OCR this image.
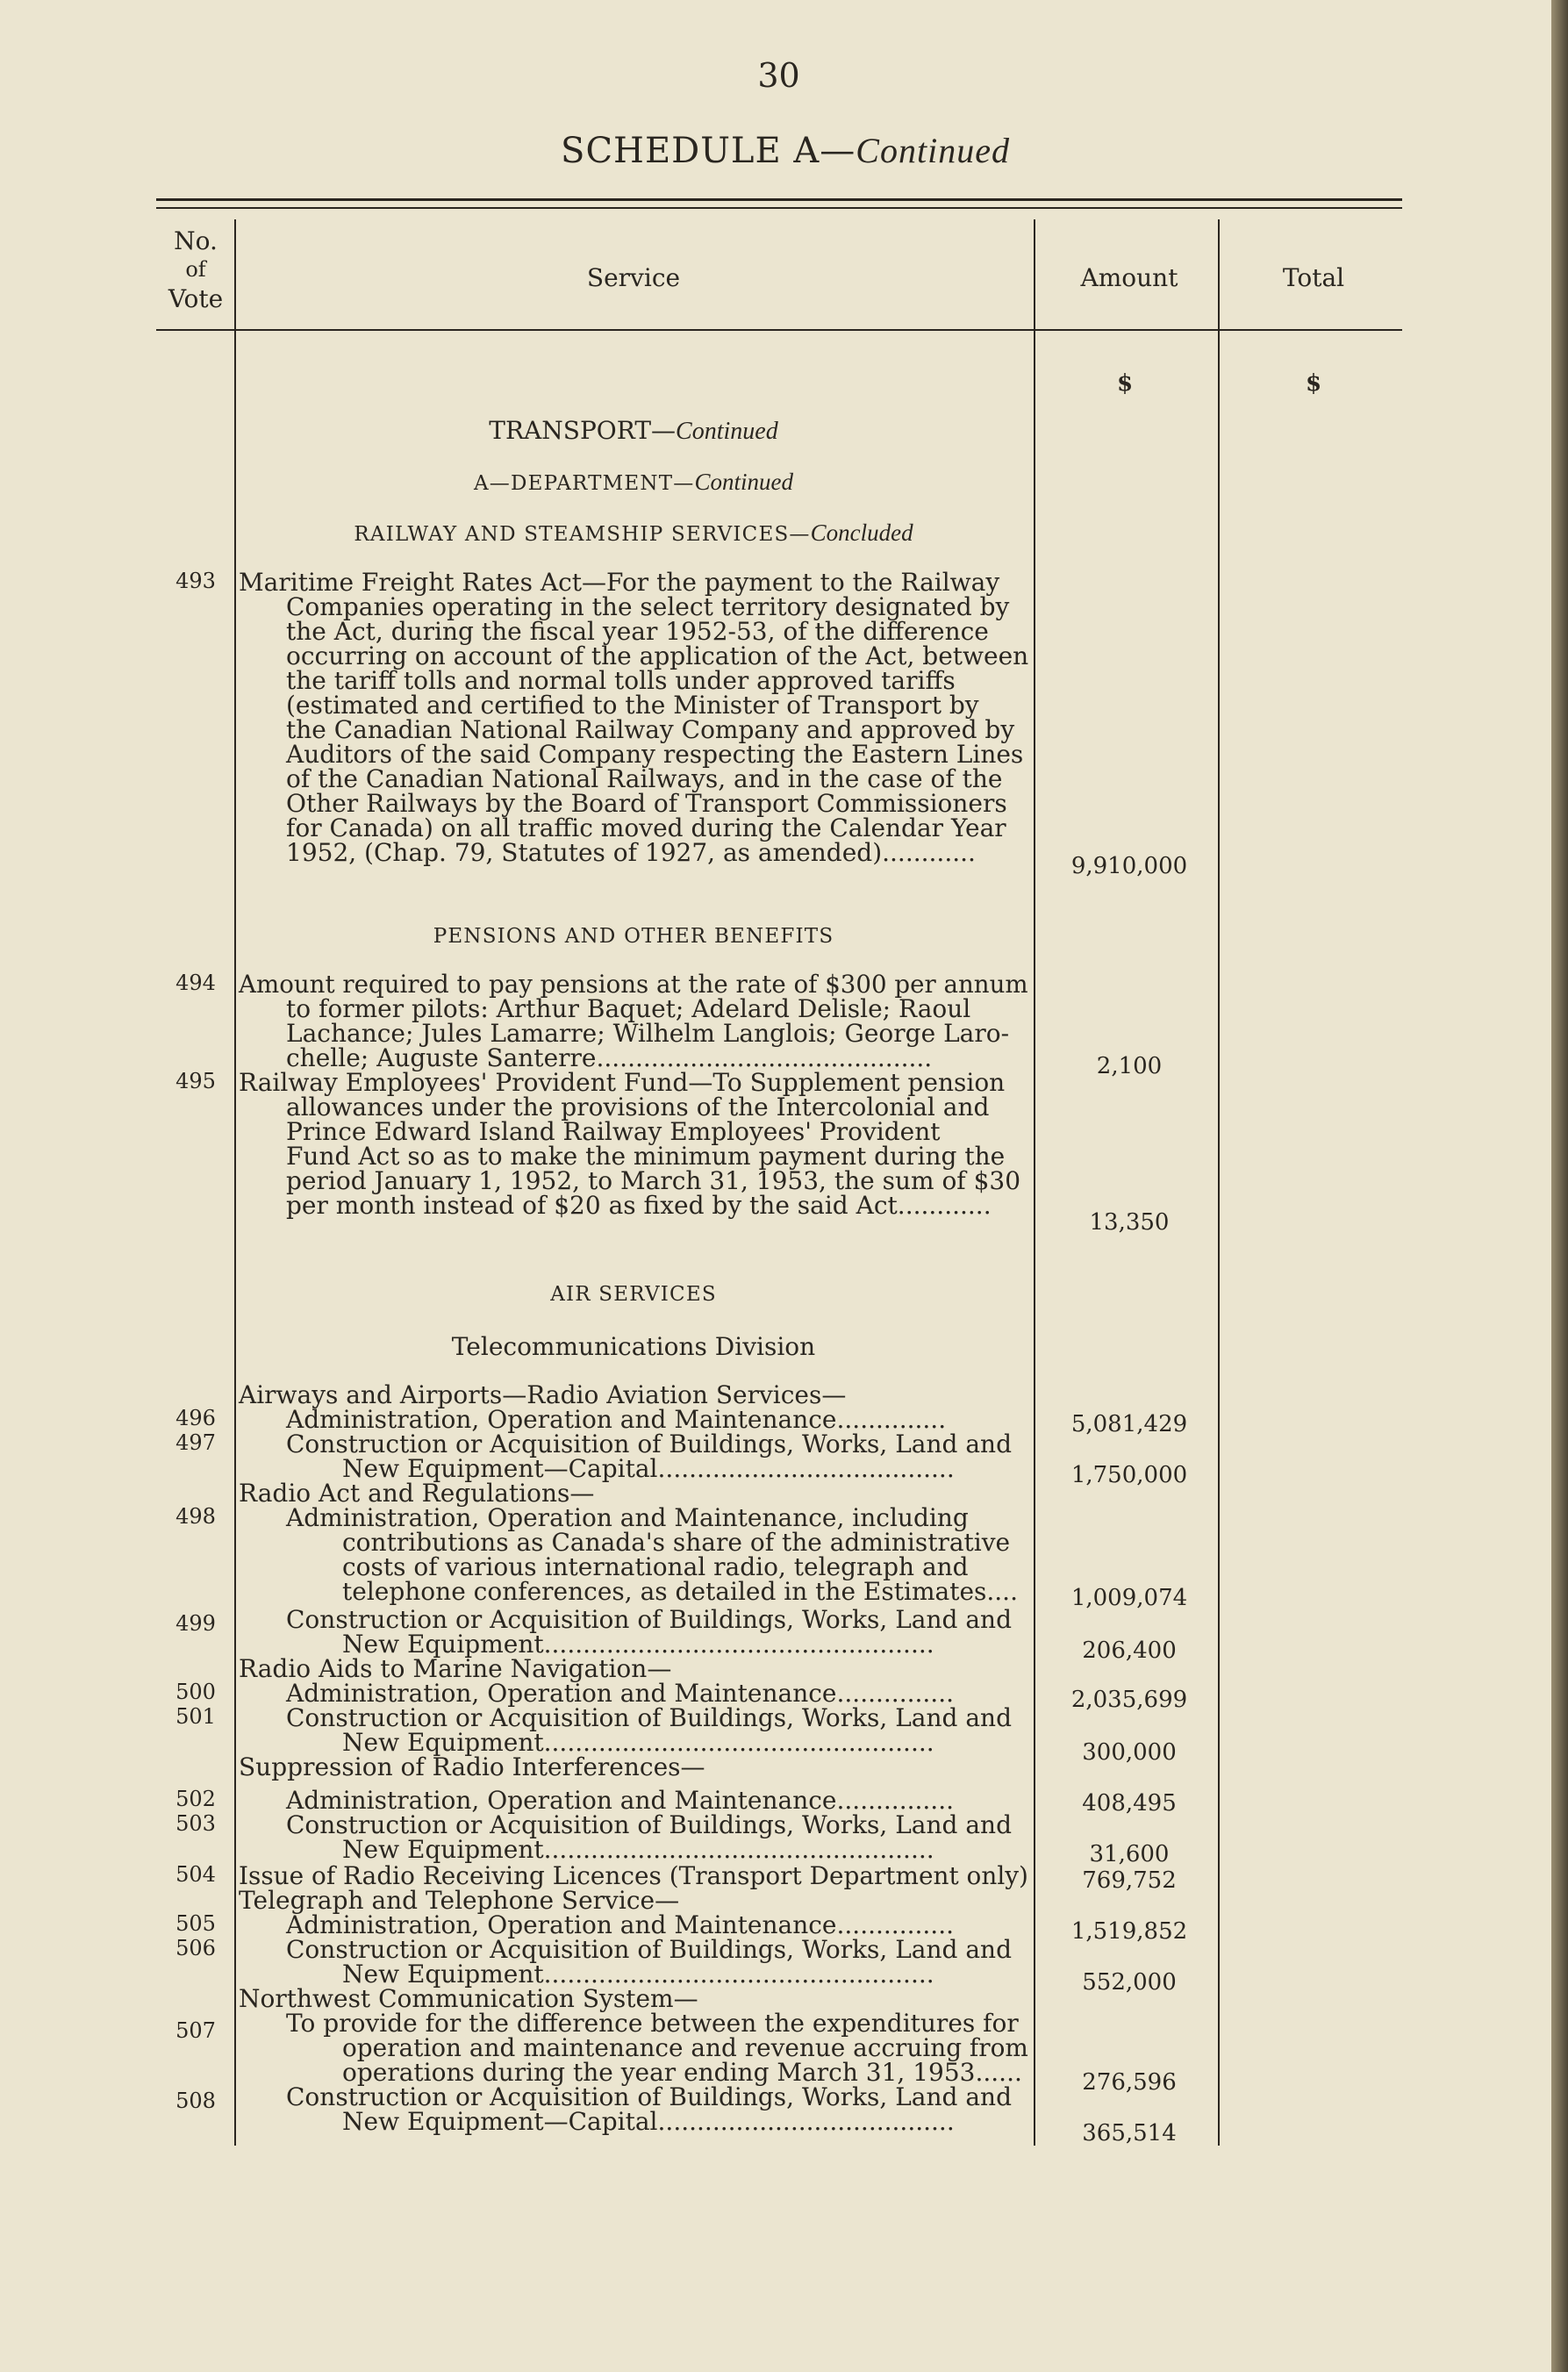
30
SCHEDULE A—Continued
No.
of
Vote
Service	Amount	Total
$	$
TRANSPORT—Continued
A—DEPARTMENT—Continued
RAILWAY AND STEAMSHIP SERVICES—Concluded
493 Maritime Freight Rates Act—For the payment to the Railway
Companies operating in the select territory designated by
the Act, during the fiscal year 1952-53, of the difference
occurring on account of the application of the Act, between
the tariff tolls and normal tolls under approved tariffs
(estimated and certified to the Minister of Transport by
the Canadian National Railway Company and approved by
Auditors of the said Company respecting the Eastern Lines
of the Canadian National Railways, and in the case of the
Other Railways by the Board of Transport Commissioners
for Canada) on all traffic moved during the Calendar Year
1952, (Chap. 79, Statutes of 1927, as amended)............	9,910,000
PENSIONS AND OTHER BENEFITS
494 Amount required to pay pensions at the rate of $300 per annum
to former pilots: Arthur Baquet; Adelard Delisle; Raoul
Lachance; Jules Lamarre; Wilhelm Langlois; George Laro-
chelle; Auguste Santerre...........................................	2,100
495 Railway Employees' Provident Fund—To Supplement pension
allowances under the provisions of the Intercolonial and
Prince Edward Island Railway Employees' Provident
Fund Act so as to make the minimum payment during the
period January 1, 1952, to March 31, 1953, the sum of $30
per month instead of $20 as fixed by the said Act............
13,350
AIR SERVICES
Telecommunications Division
Airways and Airports—Radio Aviation Services—
496	Administration, Operation and Maintenance..............	5,081,429
497	Construction or Acquisition of Buildings, Works, Land and
New Equipment—Capital......................................	1,750,000
Radio Act and Regulations—
498	Administration, Operation and Maintenance, including
contributions as Canada's share of the administrative
costs of various international radio, telegraph and
telephone conferences, as detailed in the Estimates....	1,009,074
499	Construction or Acquisition of Buildings, Works, Land and
New Equipment..................................................	206,400
Radio Aids to Marine Navigation—
500	Administration, Operation and Maintenance...............	2,035,699
501	Construction or Acquisition of Buildings, Works, Land and
New Equipment..................................................	300,000
Suppression of Radio Interferences—
502	Administration, Operation and Maintenance...............	408,495
503	Construction or Acquisition of Buildings, Works, Land and
New Equipment..................................................	31,600
504 Issue of Radio Receiving Licences (Transport Department only)	769,752
Telegraph and Telephone Service—
505	Administration, Operation and Maintenance...............	1,519,852
506	Construction or Acquisition of Buildings, Works, Land and
New Equipment..................................................	552,000
Northwest Communication System—
507	To provide for the difference between the expenditures for
operation and maintenance and revenue accruing from
operations during the year ending March 31, 1953......	276,596
508	Construction or Acquisition of Buildings, Works, Land and
New Equipment—Capital......................................	365,514
